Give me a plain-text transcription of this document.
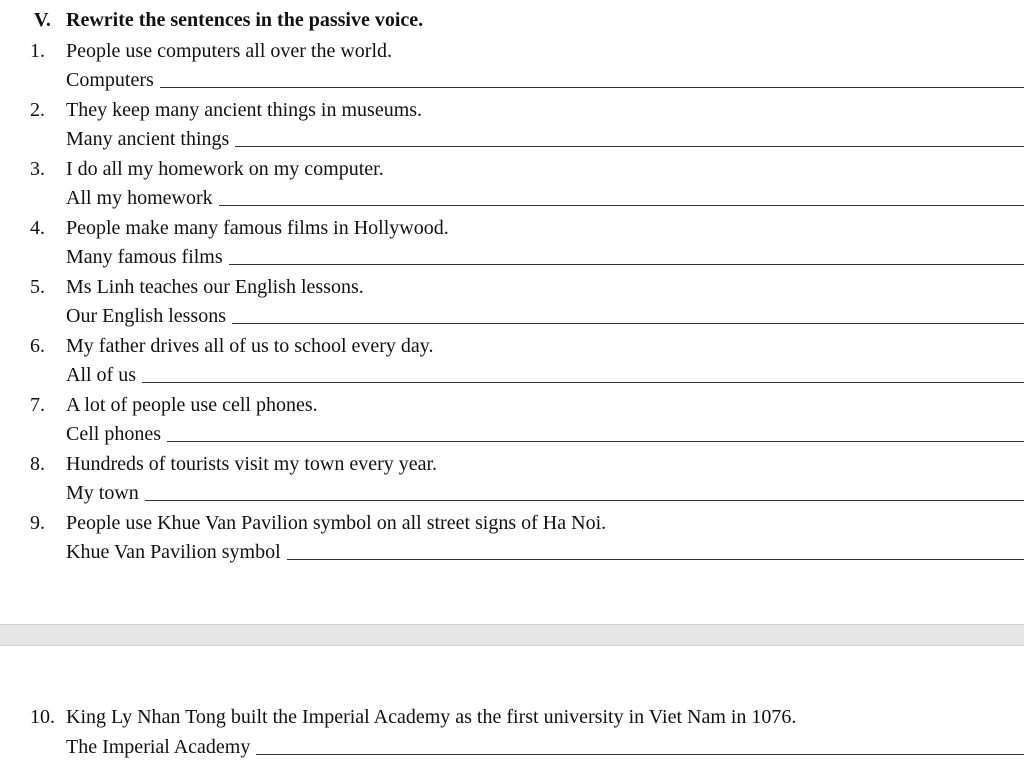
V. Rewrite the sentences in the passive voice.
1. People use computers all over the world.
Computers
2. They keep many ancient things in museums.
Many ancient things
3. I do all my homework on my computer.
All my homework
4. People make many famous films in Hollywood.
Many famous films
5. Ms Linh teaches our English lessons.
Our English lessons
6. My father drives all of us to school every day.
All of us
7. A lot of people use cell phones.
Cell phones
8. Hundreds of tourists visit my town every year.
My town
9. People use Khue Van Pavilion symbol on all street signs of Ha Noi.
Khue Van Pavilion symbol
10. King Ly Nhan Tong built the Imperial Academy as the first university in Viet Nam in 1076.
The Imperial Academy
